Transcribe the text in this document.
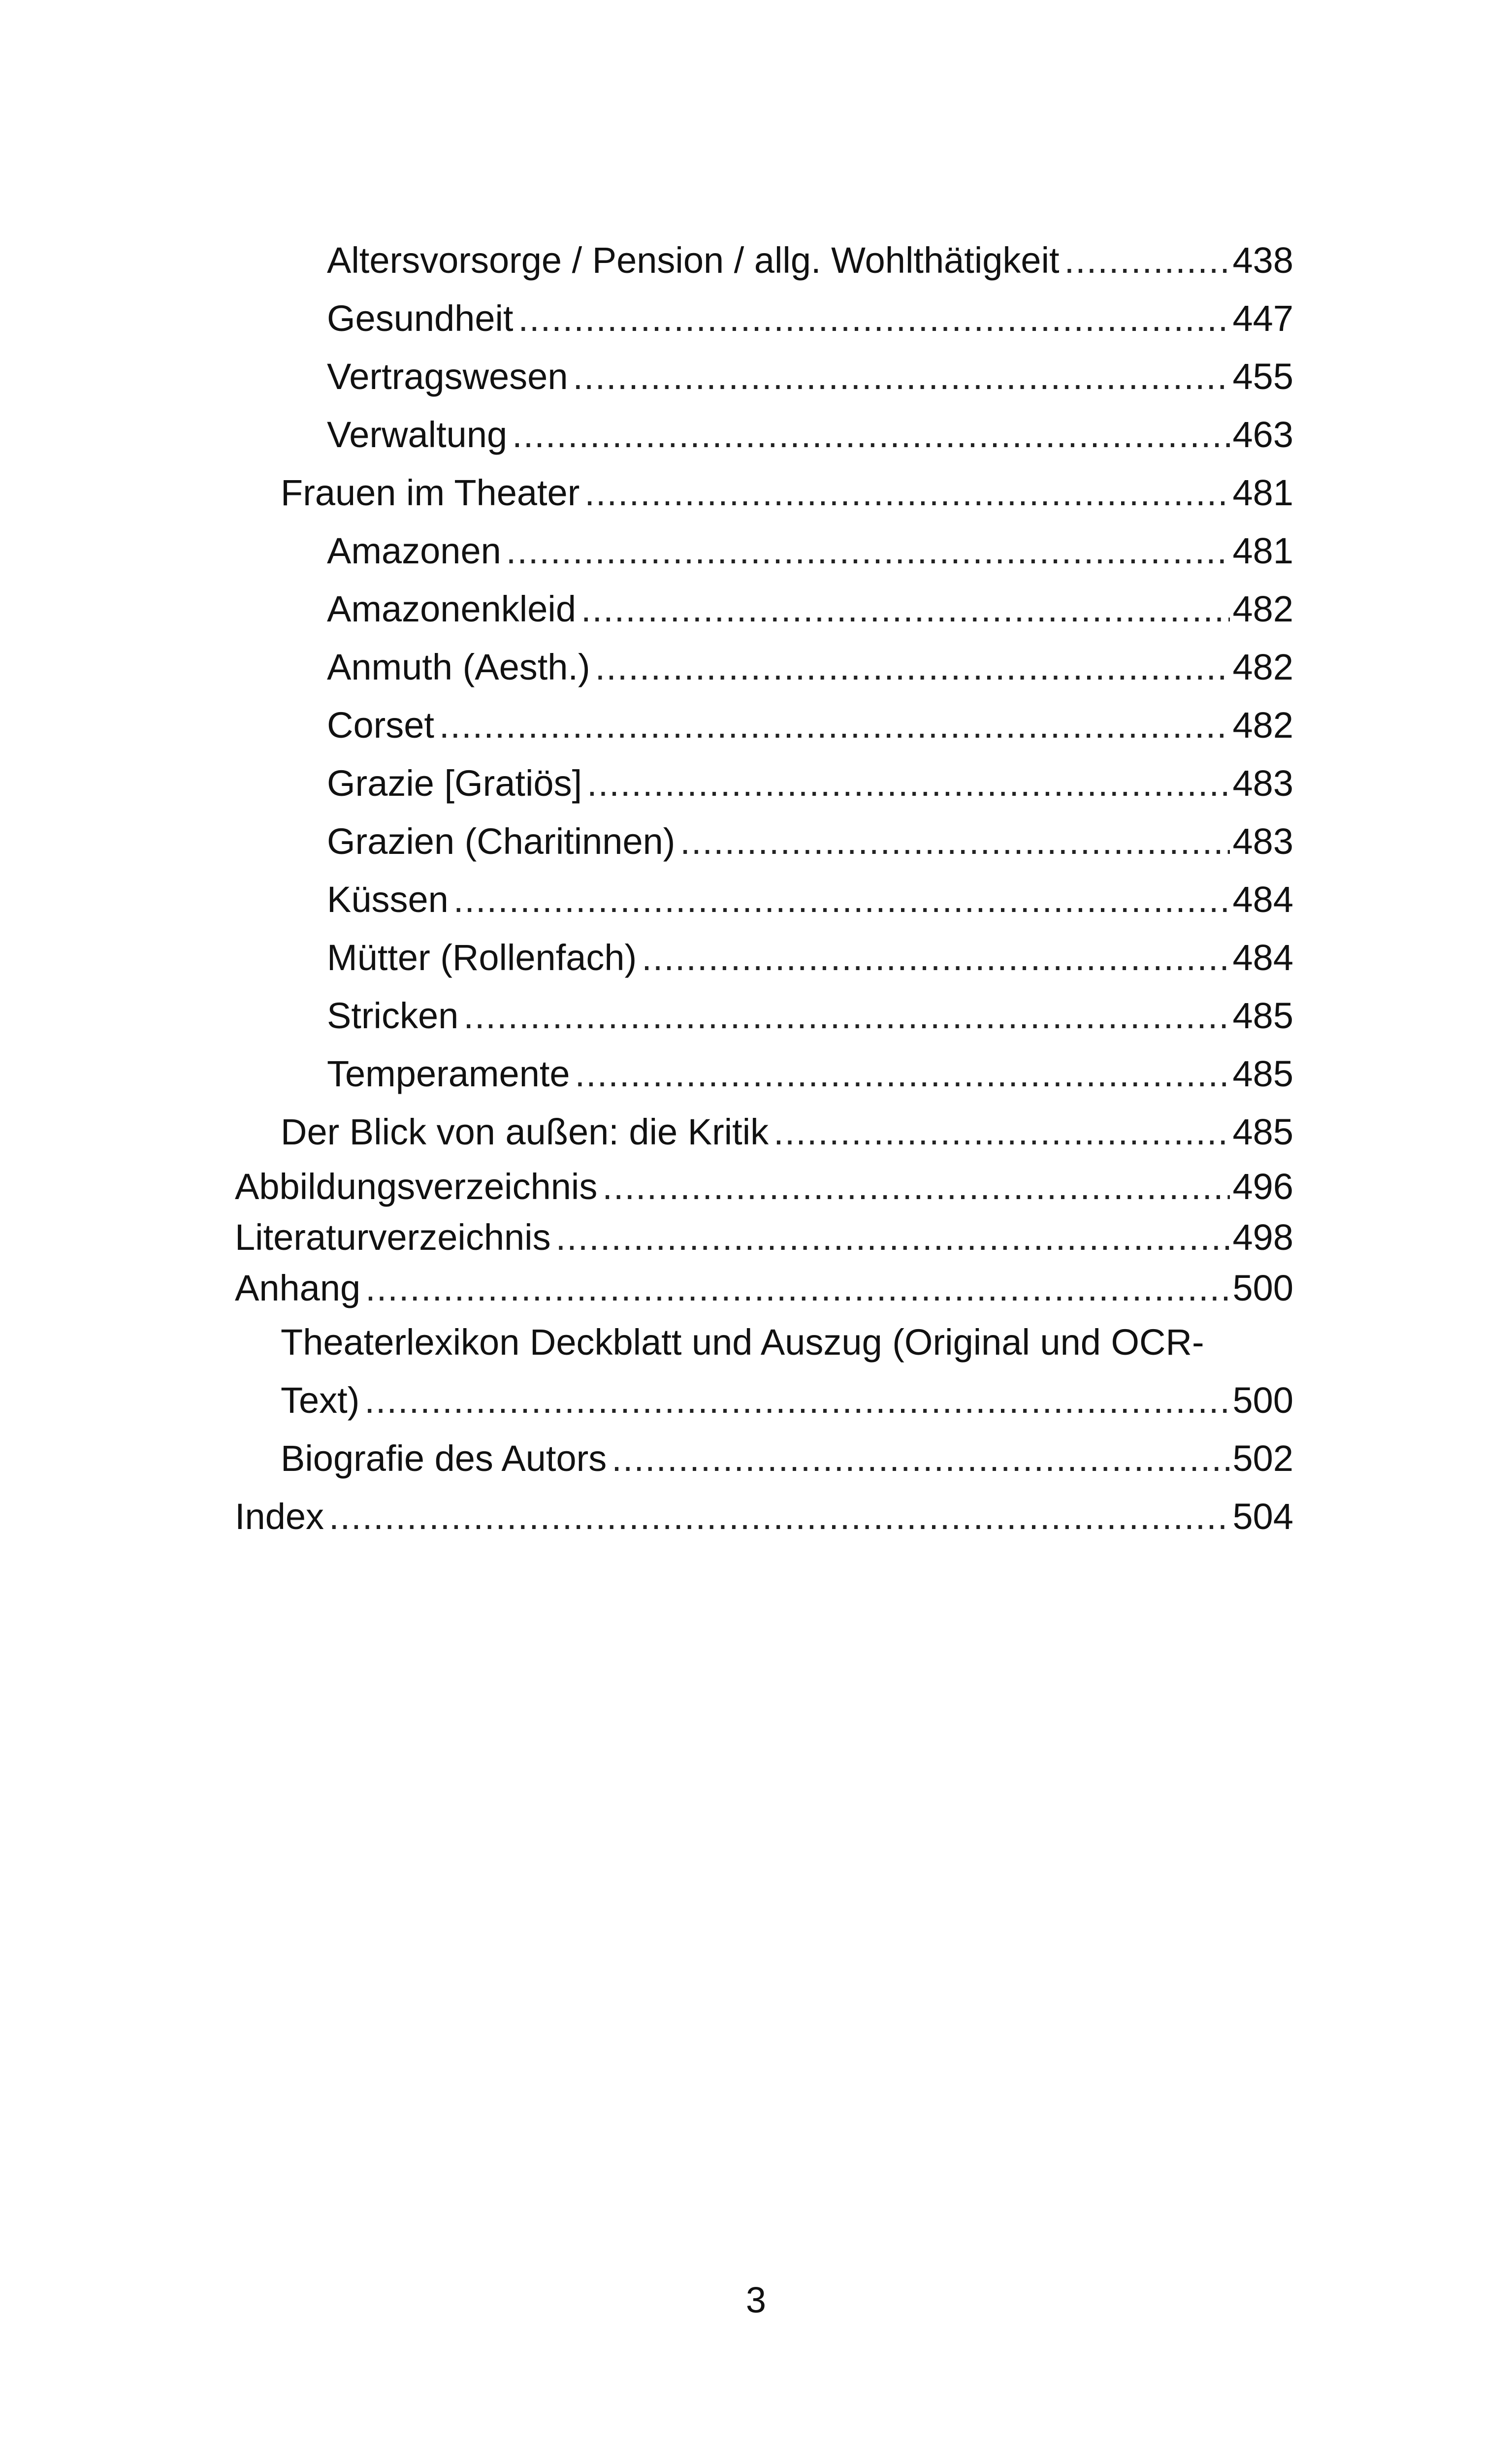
Altersvorsorge / Pension / allg. Wohlthätigkeit .....	438
Gesundheit .....	447
Vertragswesen .....	455
Verwaltung .....	463
Frauen im Theater .....	481
Amazonen .....	481
Amazonenkleid .....	482
Anmuth (Aesth.) .....	482
Corset .....	482
Grazie [Gratiös] .....	483
Grazien (Charitinnen) .....	483
Küssen .....	484
Mütter (Rollenfach) .....	484
Stricken .....	485
Temperamente .....	485
Der Blick von außen: die Kritik .....	485
Abbildungsverzeichnis .....	496
Literaturverzeichnis .....	498
Anhang .....	500
Theaterlexikon Deckblatt und Auszug (Original und OCR-
Text) .....	500
Biografie des Autors .....	502
Index .....	504
3
